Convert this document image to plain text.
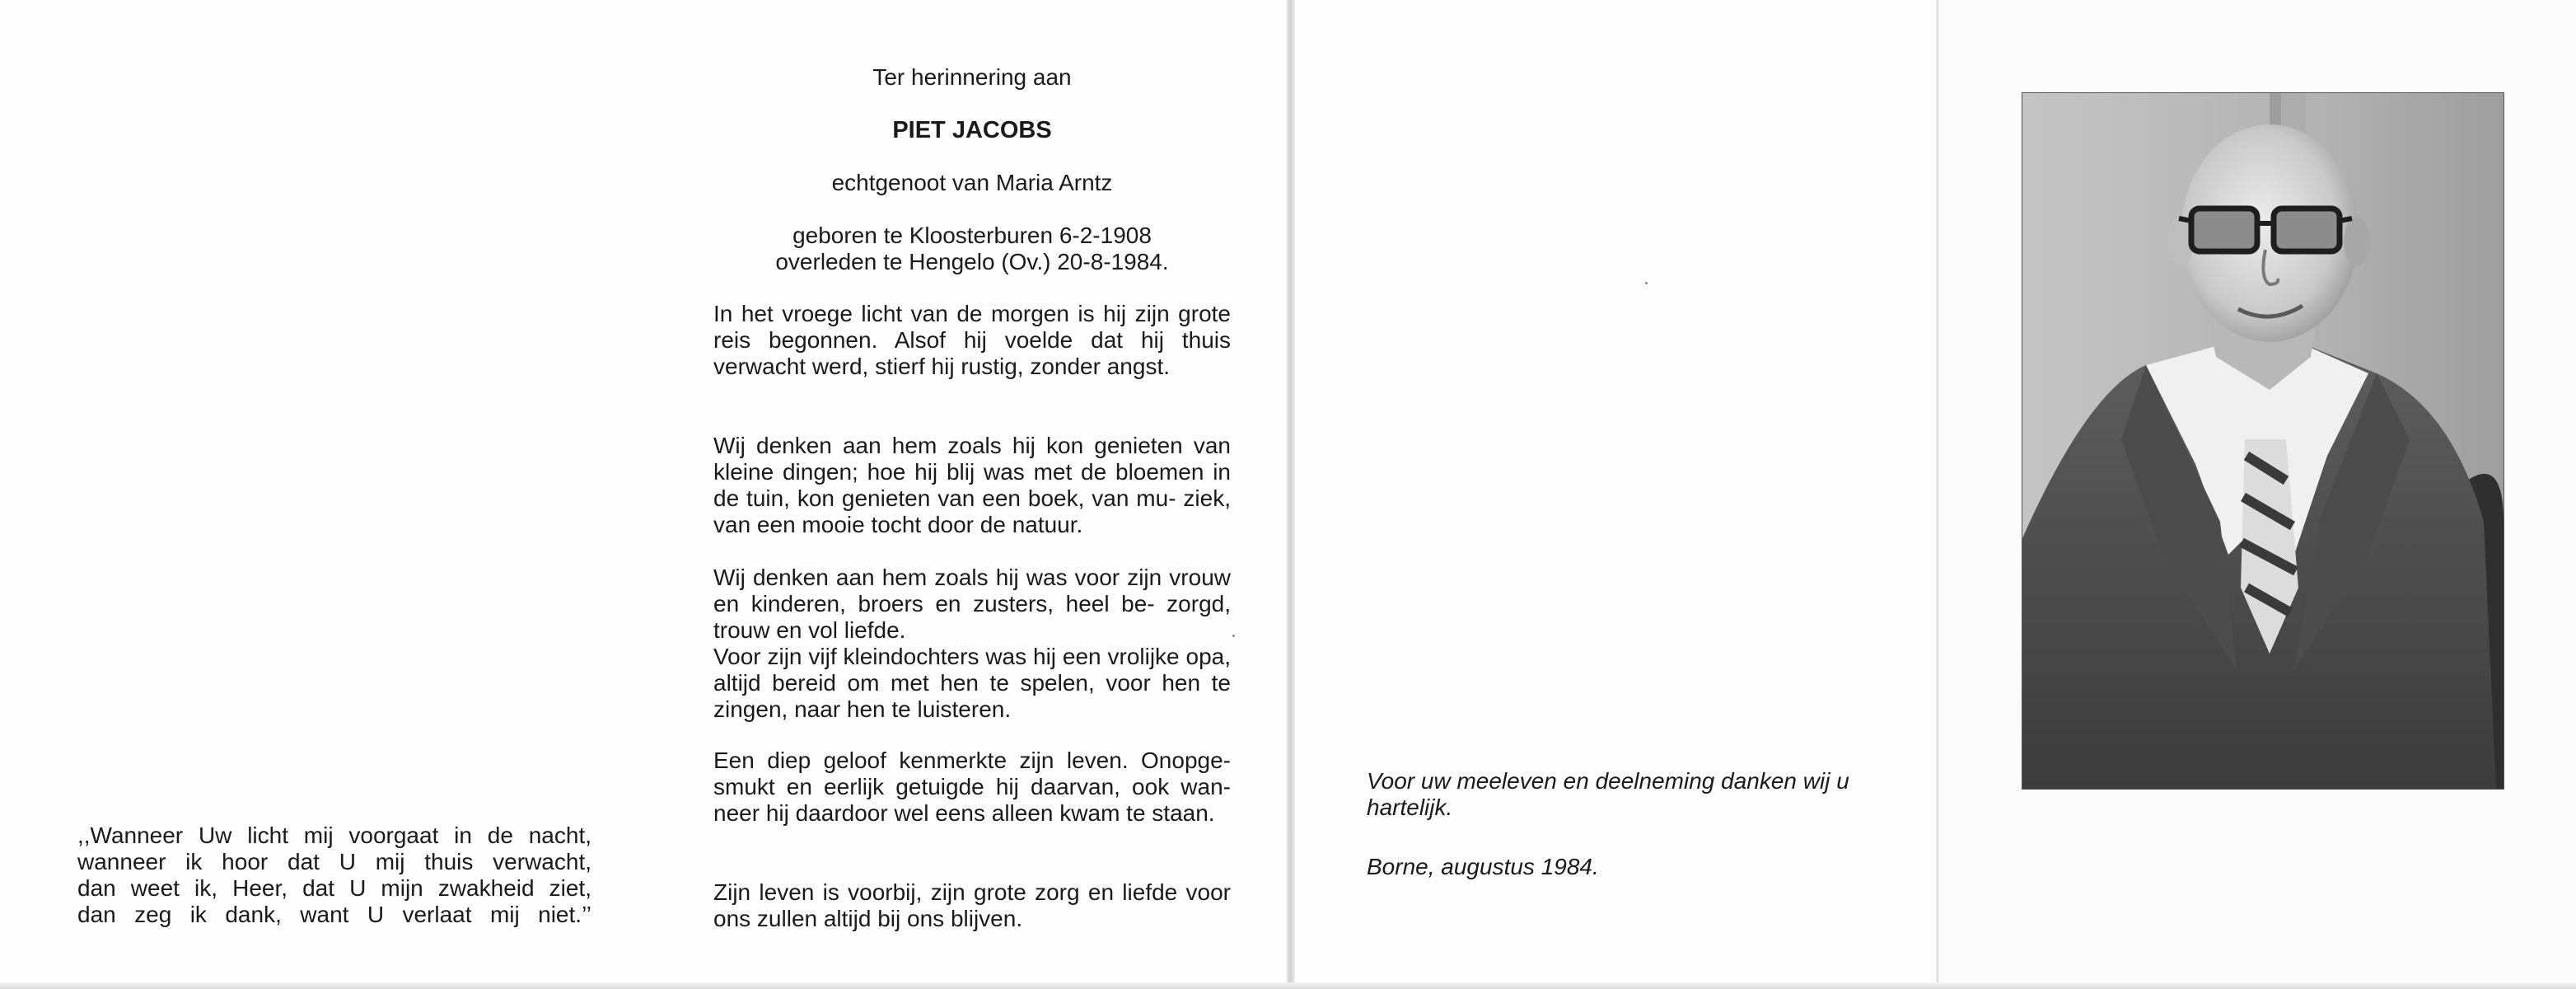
Ter herinnering aan

PIET JACOBS

echtgenoot van Maria Arntz

geboren te Kloosterburen 6-2-1908
overleden te Hengelo (Ov.) 20-8-1984.

In het vroege licht van de morgen is hij zijn grote reis begonnen. Alsof hij voelde dat hij thuis verwacht werd, stierf hij rustig, zonder angst.

Wij denken aan hem zoals hij kon genieten van kleine dingen; hoe hij blij was met de bloemen in de tuin, kon genieten van een boek, van mu- ziek, van een mooie tocht door de natuur.

Wij denken aan hem zoals hij was voor zijn vrouw en kinderen, broers en zusters, heel be- zorgd, trouw en vol liefde.

Voor zijn vijf kleindochters was hij een vrolijke opa, altijd bereid om met hen te spelen, voor hen te zingen, naar hen te luisteren.

Een diep geloof kenmerkte zijn leven. Onopge- smukt en eerlijk getuigde hij daarvan, ook wan- neer hij daardoor wel eens alleen kwam te staan.

Zijn leven is voorbij, zijn grote zorg en liefde voor ons zullen altijd bij ons blijven.

,,Wanneer Uw licht mij voorgaat in de nacht,
wanneer ik hoor dat U mij thuis verwacht,
dan weet ik, Heer, dat U mijn zwakheid ziet,
dan zeg ik dank, want U verlaat mij niet.’’

Voor uw meeleven en deelneming danken wij u hartelijk.

Borne, augustus 1984.
